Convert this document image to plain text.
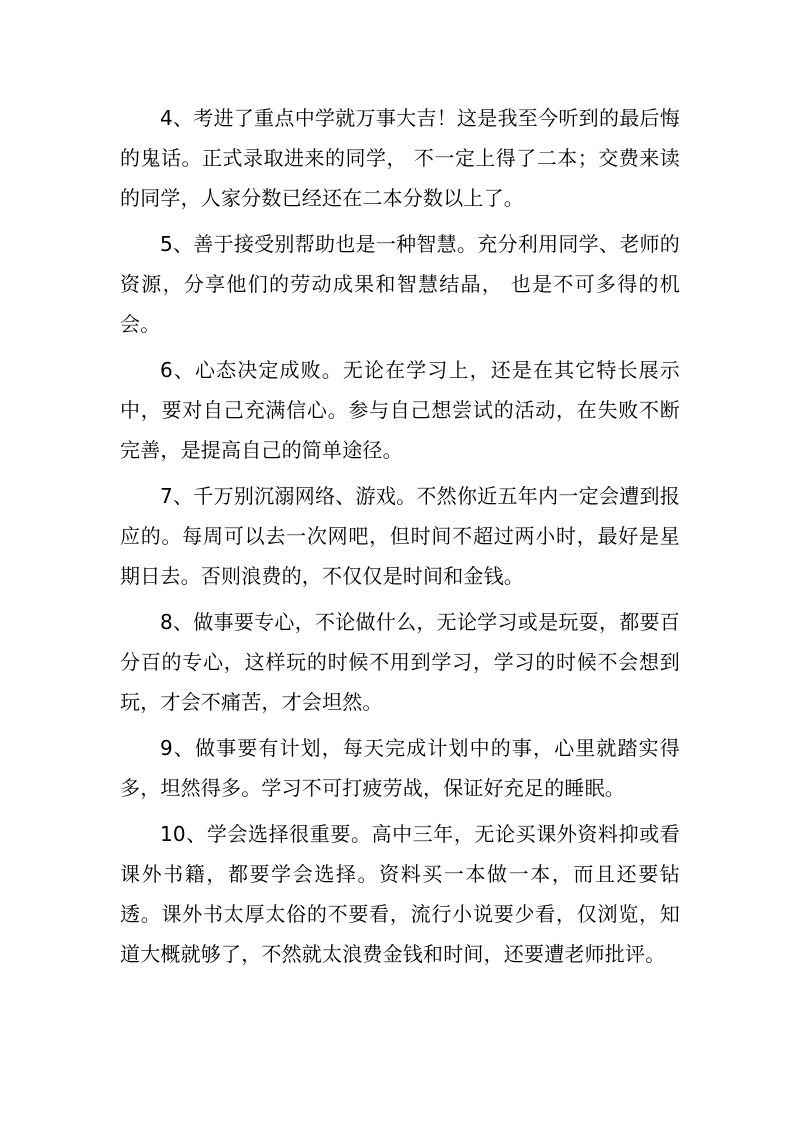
4、考进了重点中学就万事大吉！这是我至今听到的最后悔的鬼话。正式录取进来的同学， 不一定上得了二本；交费来读的同学，人家分数已经还在二本分数以上了。

5、善于接受别帮助也是一种智慧。充分利用同学、老师的资源，分享他们的劳动成果和智慧结晶， 也是不可多得的机会。

6、心态决定成败。无论在学习上，还是在其它特长展示中，要对自己充满信心。参与自己想尝试的活动，在失败不断完善，是提高自己的简单途径。

7、千万别沉溺网络、游戏。不然你近五年内一定会遭到报应的。每周可以去一次网吧，但时间不超过两小时，最好是星期日去。否则浪费的，不仅仅是时间和金钱。

8、做事要专心，不论做什么，无论学习或是玩耍，都要百分百的专心，这样玩的时候不用到学习，学习的时候不会想到玩，才会不痛苦，才会坦然。

9、做事要有计划，每天完成计划中的事，心里就踏实得多，坦然得多。学习不可打疲劳战，保证好充足的睡眠。

10、学会选择很重要。高中三年，无论买课外资料抑或看课外书籍，都要学会选择。资料买一本做一本，而且还要钻透。课外书太厚太俗的不要看，流行小说要少看，仅浏览，知道大概就够了，不然就太浪费金钱和时间，还要遭老师批评。
